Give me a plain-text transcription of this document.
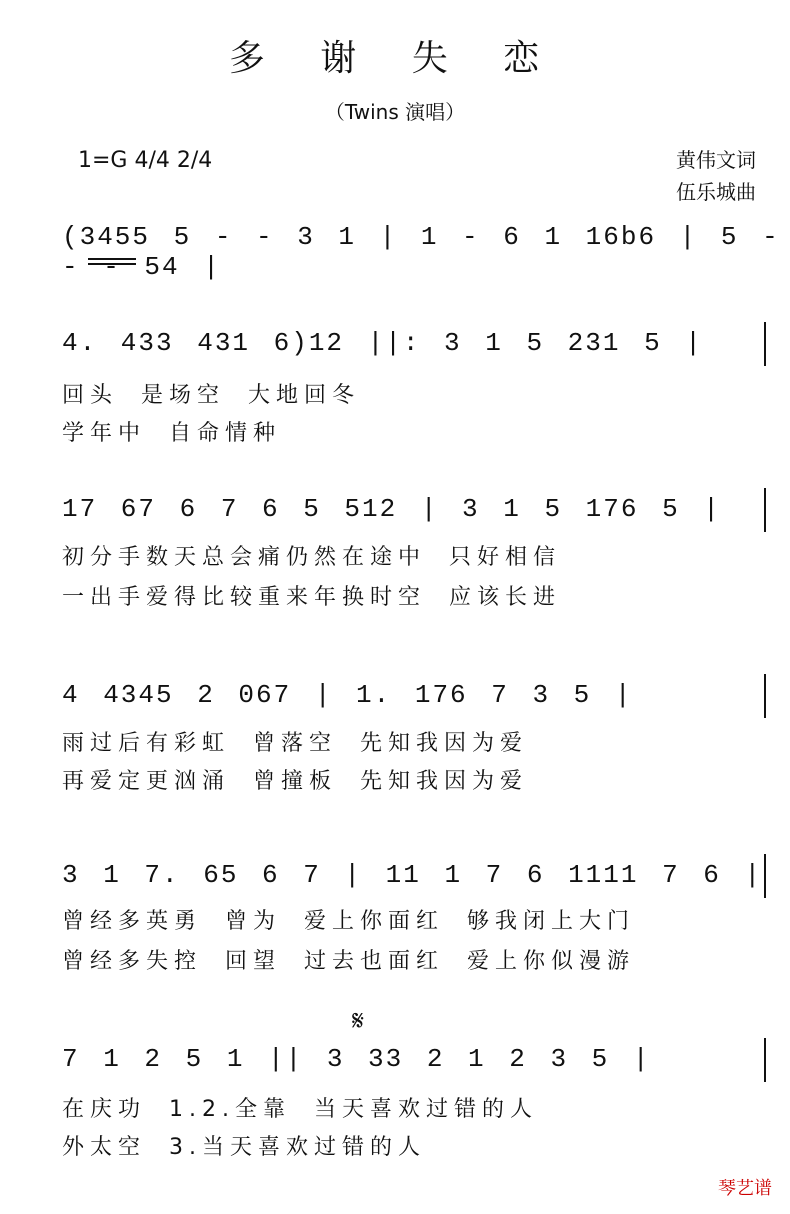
多 谢 失 恋
（Twins 演唱）
1=G 4/4 2/4	黄伟文词
伍乐城曲
(3455 5 - - 3 1 | 1 - 6 1 16b6 | 5 - - - 54 |
4. 433 431 6)12 ||: 3 1 5 231 5 |
回头 是场空 大地回冬
学年中 自命情种
17 67 6 7 6 5 512 | 3 1 5 176 5 |
初分手数天总会痛仍然在途中 只好相信
一出手爱得比较重来年换时空 应该长进
4 4345 2 067 | 1. 176 7 3 5 |
雨过后有彩虹 曾落空 先知我因为爱
再爱定更汹涌 曾撞板 先知我因为爱
3 1 7. 65 6 7 | 11 1 7 6 1111 7 6 |
曾经多英勇 曾为 爱上你面红 够我闭上大门
曾经多失控 回望 过去也面红 爱上你似漫游
𝄋
7 1 2 5 1 || 3 33 2 1 2 3 5 |
在庆功 1.2.全靠 当天喜欢过错的人
外太空 3.当天喜欢过错的人
琴艺谱
